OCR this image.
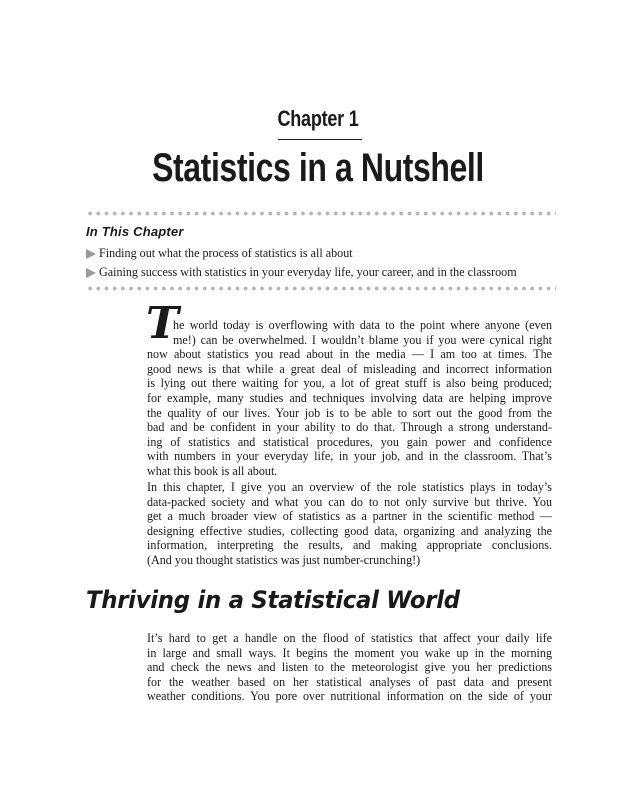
Chapter 1
Statistics in a Nutshell
In This Chapter
Finding out what the process of statistics is all about
Gaining success with statistics in your everyday life, your career, and in the classroom
T
he world today is overflowing with data to the point where anyone (even
me!) can be overwhelmed. I wouldn’t blame you if you were cynical right
now about statistics you read about in the media — I am too at times. The
good news is that while a great deal of misleading and incorrect information
is lying out there waiting for you, a lot of great stuff is also being produced;
for example, many studies and techniques involving data are helping improve
the quality of our lives. Your job is to be able to sort out the good from the
bad and be confident in your ability to do that. Through a strong understand-
ing of statistics and statistical procedures, you gain power and confidence
with numbers in your everyday life, in your job, and in the classroom. That’s
what this book is all about.
In this chapter, I give you an overview of the role statistics plays in today’s
data-packed society and what you can do to not only survive but thrive. You
get a much broader view of statistics as a partner in the scientific method —
designing effective studies, collecting good data, organizing and analyzing the
information, interpreting the results, and making appropriate conclusions.
(And you thought statistics was just number-crunching!)
Thriving in a Statistical World
It’s hard to get a handle on the flood of statistics that affect your daily life
in large and small ways. It begins the moment you wake up in the morning
and check the news and listen to the meteorologist give you her predictions
for the weather based on her statistical analyses of past data and present
weather conditions. You pore over nutritional information on the side of your
